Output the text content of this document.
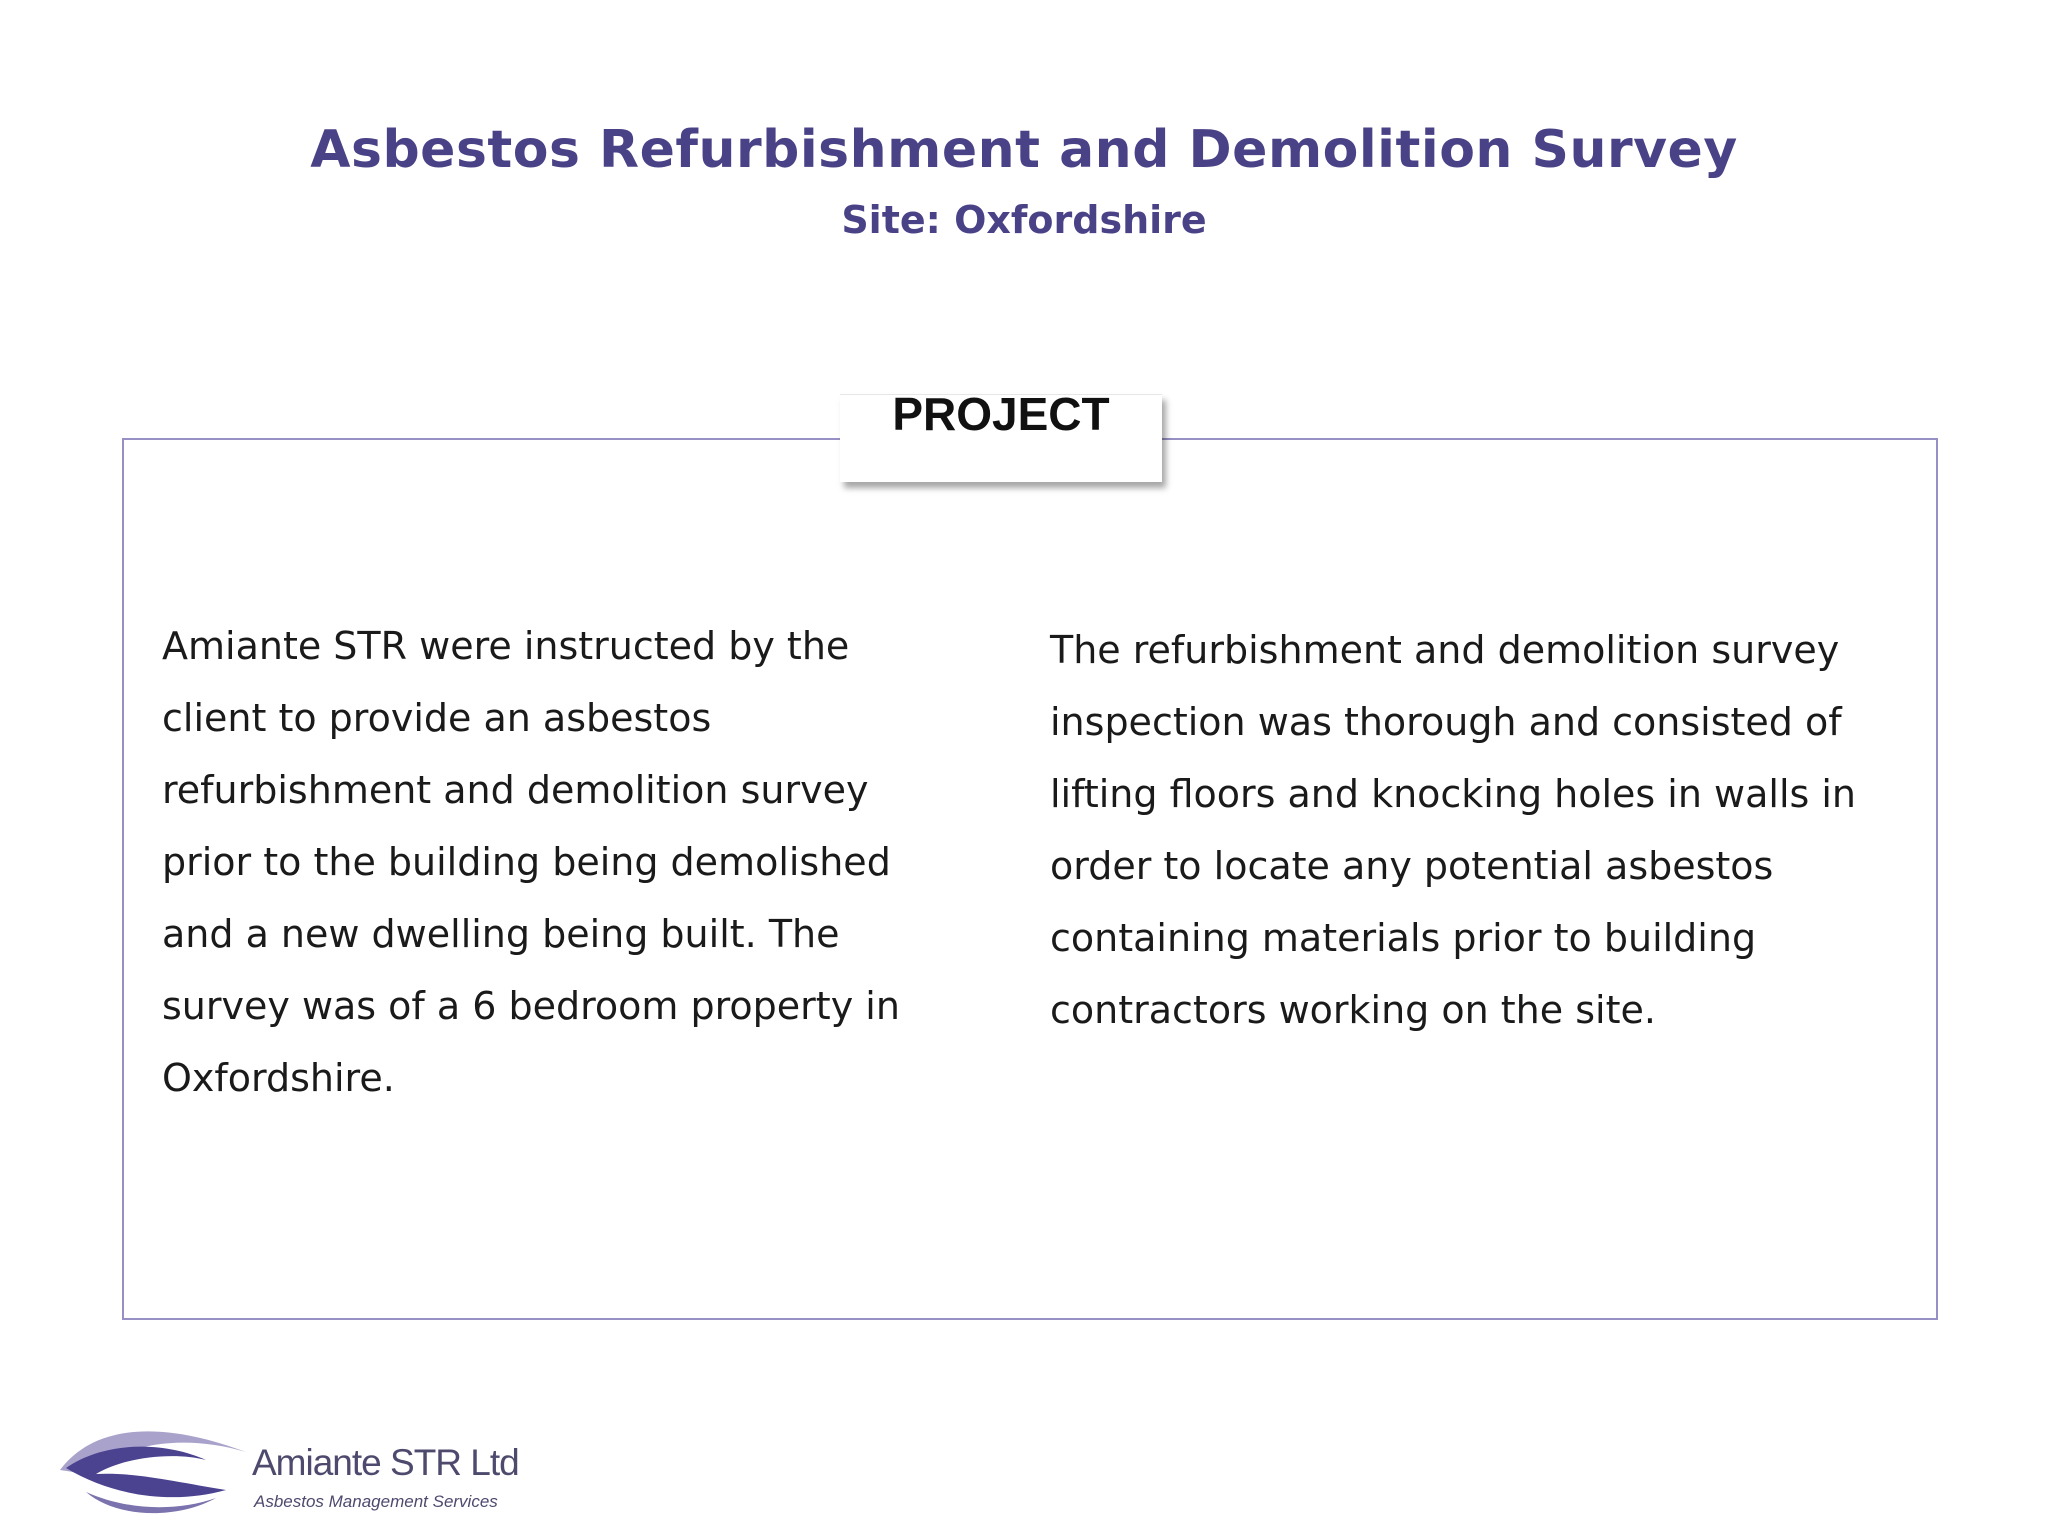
Asbestos Refurbishment and Demolition Survey
Site: Oxfordshire
PROJECT
Amiante STR were instructed by the
client to provide an asbestos
refurbishment and demolition survey
prior to the building being demolished
and a new dwelling being built. The
survey was of a 6 bedroom property in
Oxfordshire.
The refurbishment and demolition survey
inspection was thorough and consisted of
lifting floors and knocking holes in walls in
order to locate any potential asbestos
containing materials prior to building
contractors working on the site.
Amiante STR Ltd
Asbestos Management Services
